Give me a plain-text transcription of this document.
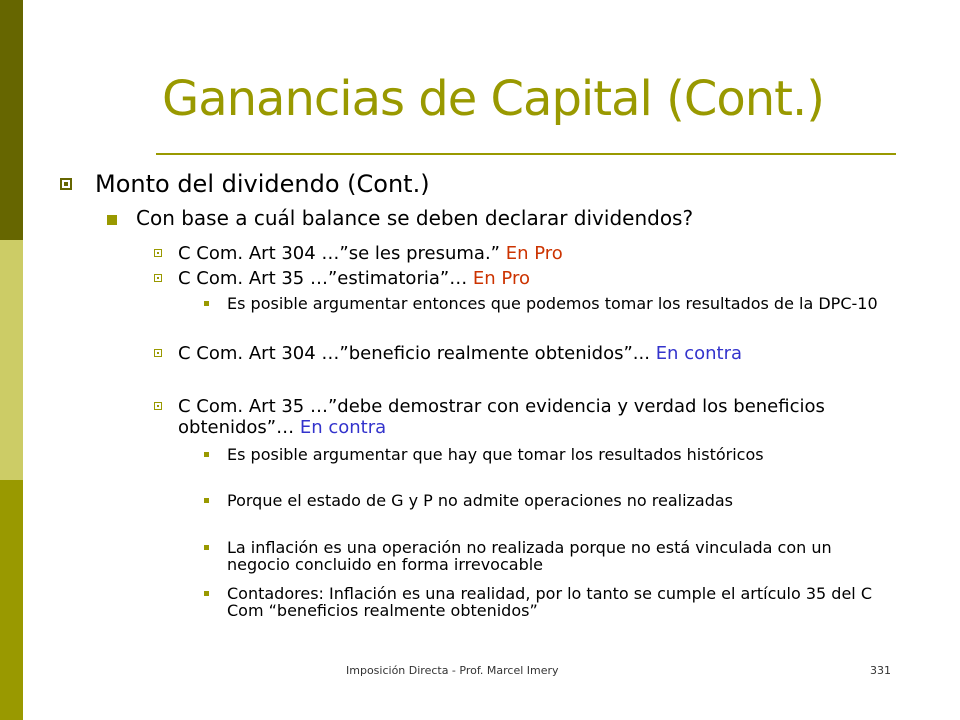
Ganancias de Capital (Cont.)
Monto del dividendo (Cont.)
Con base a cuál balance se deben declarar dividendos?
C Com. Art 304 …”se les presuma.” En Pro
C Com. Art 35 …”estimatoria”… En Pro
Es posible argumentar entonces que podemos tomar los resultados de la DPC-10
C Com. Art 304 …”beneficio realmente obtenidos”... En contra
C Com. Art 35 …”debe demostrar con evidencia y verdad los beneficios obtenidos”… En contra
Es posible argumentar que hay que tomar los resultados históricos
Porque el estado de G y P no admite operaciones no realizadas
La inflación es una operación no realizada porque no está vinculada con un negocio concluido en forma irrevocable
Contadores: Inflación es una realidad, por lo tanto se cumple el artículo 35 del C Com “beneficios realmente obtenidos”
Imposición Directa - Prof. Marcel Imery	331
